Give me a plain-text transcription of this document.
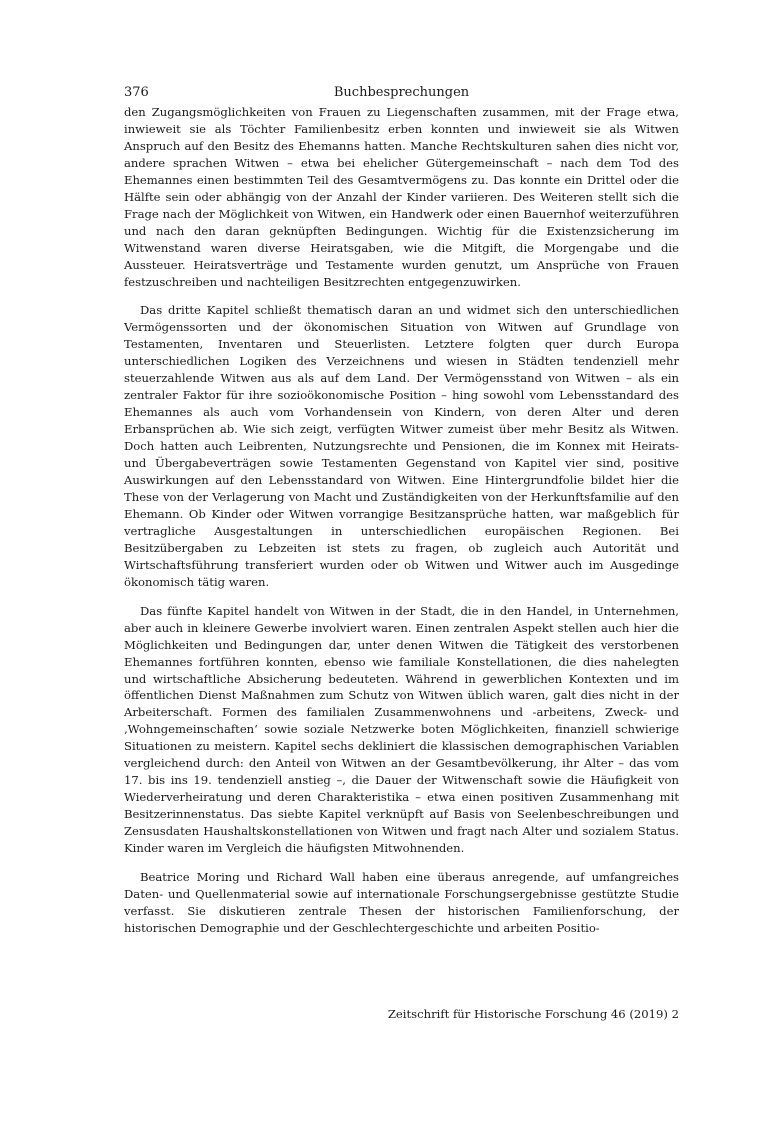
376	Buchbesprechungen

den Zugangsmöglichkeiten von Frauen zu Liegenschaften zusammen, mit der Frage etwa, inwieweit sie als Töchter Familienbesitz erben konnten und inwieweit sie als Witwen Anspruch auf den Besitz des Ehemanns hatten. Manche Rechtskulturen sahen dies nicht vor, andere sprachen Witwen – etwa bei ehelicher Gütergemeinschaft – nach dem Tod des Ehemannes einen bestimmten Teil des Gesamtvermögens zu. Das konnte ein Drittel oder die Hälfte sein oder abhängig von der Anzahl der Kinder variieren. Des Weiteren stellt sich die Frage nach der Möglichkeit von Witwen, ein Handwerk oder einen Bauernhof weiterzuführen und nach den daran geknüpften Bedingungen. Wichtig für die Existenzsicherung im Witwenstand waren diverse Heiratsgaben, wie die Mitgift, die Morgengabe und die Aussteuer. Heiratsverträge und Testamente wurden genutzt, um Ansprüche von Frauen festzuschreiben und nachteiligen Besitzrechten entgegenzuwirken.

Das dritte Kapitel schließt thematisch daran an und widmet sich den unterschiedlichen Vermögenssorten und der ökonomischen Situation von Witwen auf Grundlage von Testamenten, Inventaren und Steuerlisten. Letztere folgten quer durch Europa unterschiedlichen Logiken des Verzeichnens und wiesen in Städten tendenziell mehr steuerzahlende Witwen aus als auf dem Land. Der Vermögensstand von Witwen – als ein zentraler Faktor für ihre sozioökonomische Position – hing sowohl vom Lebensstandard des Ehemannes als auch vom Vorhandensein von Kindern, von deren Alter und deren Erbansprüchen ab. Wie sich zeigt, verfügten Witwer zumeist über mehr Besitz als Witwen. Doch hatten auch Leibrenten, Nutzungsrechte und Pensionen, die im Konnex mit Heirats- und Übergabeverträgen sowie Testamenten Gegenstand von Kapitel vier sind, positive Auswirkungen auf den Lebensstandard von Witwen. Eine Hintergrundfolie bildet hier die These von der Verlagerung von Macht und Zuständigkeiten von der Herkunftsfamilie auf den Ehemann. Ob Kinder oder Witwen vorrangige Besitzansprüche hatten, war maßgeblich für vertragliche Ausgestaltungen in unterschiedlichen europäischen Regionen. Bei Besitzübergaben zu Lebzeiten ist stets zu fragen, ob zugleich auch Autorität und Wirtschaftsführung transferiert wurden oder ob Witwen und Witwer auch im Ausgedinge ökonomisch tätig waren.

Das fünfte Kapitel handelt von Witwen in der Stadt, die in den Handel, in Unternehmen, aber auch in kleinere Gewerbe involviert waren. Einen zentralen Aspekt stellen auch hier die Möglichkeiten und Bedingungen dar, unter denen Witwen die Tätigkeit des verstorbenen Ehemannes fortführen konnten, ebenso wie familiale Konstellationen, die dies nahelegten und wirtschaftliche Absicherung bedeuteten. Während in gewerblichen Kontexten und im öffentlichen Dienst Maßnahmen zum Schutz von Witwen üblich waren, galt dies nicht in der Arbeiterschaft. Formen des familialen Zusammenwohnens und -arbeitens, Zweck- und ‚Wohngemeinschaften‘ sowie soziale Netzwerke boten Möglichkeiten, finanziell schwierige Situationen zu meistern. Kapitel sechs dekliniert die klassischen demographischen Variablen vergleichend durch: den Anteil von Witwen an der Gesamtbevölkerung, ihr Alter – das vom 17. bis ins 19. tendenziell anstieg –, die Dauer der Witwenschaft sowie die Häufigkeit von Wiederverheiratung und deren Charakteristika – etwa einen positiven Zusammenhang mit Besitzerinnenstatus. Das siebte Kapitel verknüpft auf Basis von Seelenbeschreibungen und Zensusdaten Haushaltskonstellationen von Witwen und fragt nach Alter und sozialem Status. Kinder waren im Vergleich die häufigsten Mitwohnenden.

Beatrice Moring und Richard Wall haben eine überaus anregende, auf umfangreiches Daten- und Quellenmaterial sowie auf internationale Forschungsergebnisse gestützte Studie verfasst. Sie diskutieren zentrale Thesen der historischen Familienforschung, der historischen Demographie und der Geschlechtergeschichte und arbeiten Positio-

Zeitschrift für Historische Forschung 46 (2019) 2
